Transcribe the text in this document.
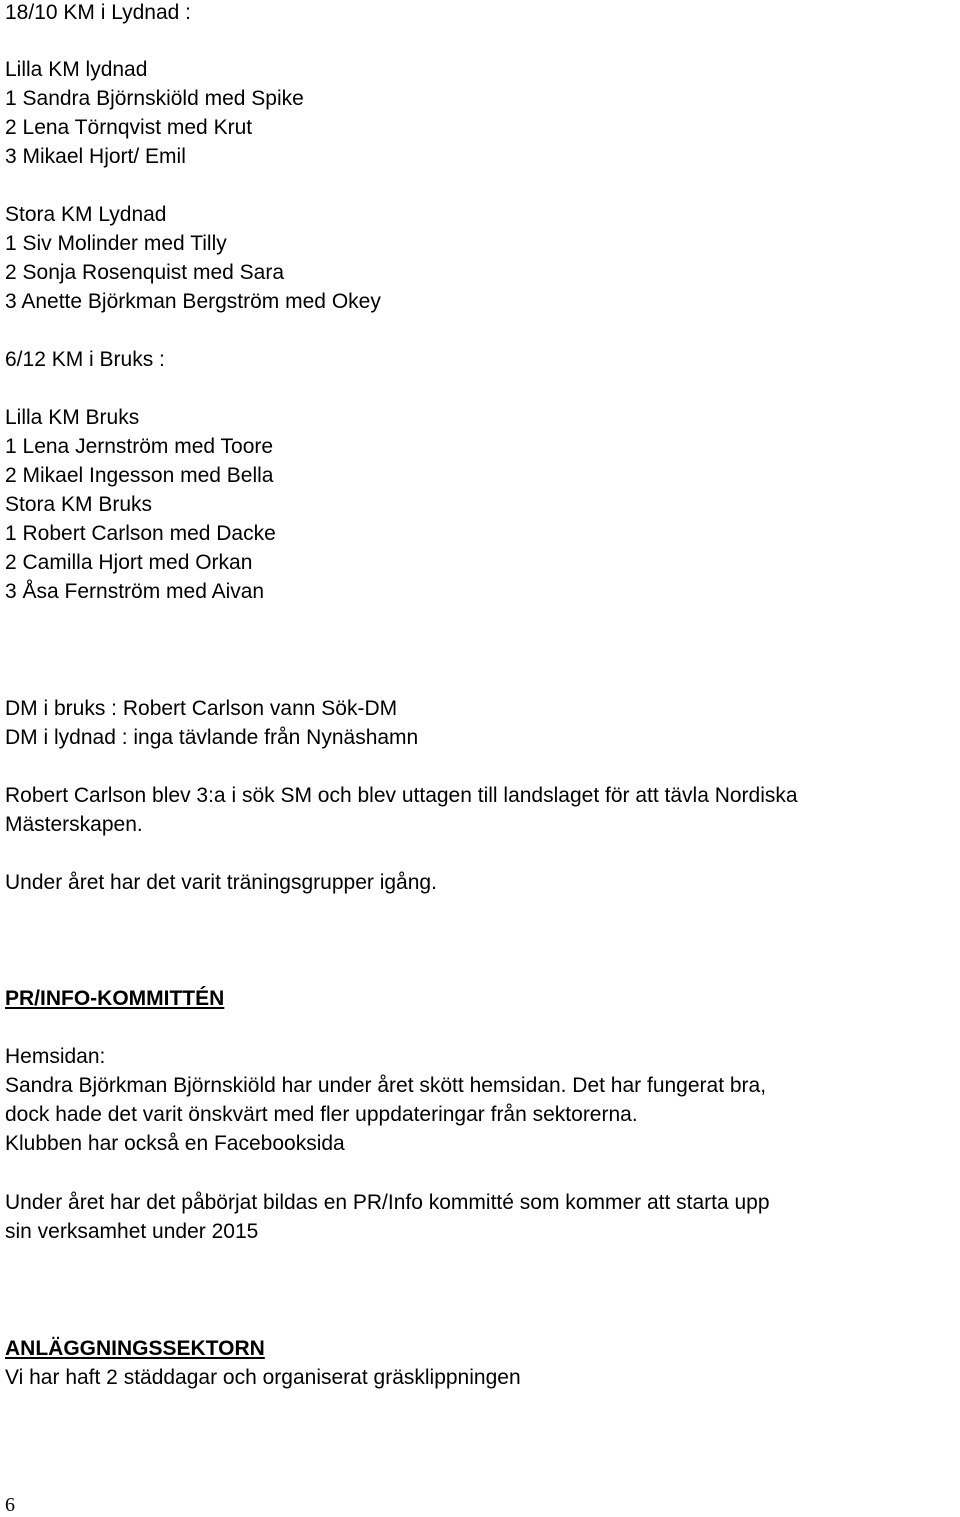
18/10 KM i Lydnad :
Lilla KM lydnad
1 Sandra Björnskiöld med Spike
2 Lena Törnqvist med Krut
3 Mikael Hjort/ Emil
Stora KM Lydnad
1 Siv Molinder med Tilly
2 Sonja Rosenquist med Sara
3 Anette Björkman Bergström med Okey
6/12 KM i Bruks :
Lilla KM Bruks
1 Lena Jernström med Toore
2 Mikael Ingesson med Bella
Stora KM Bruks
1 Robert Carlson med Dacke
2 Camilla Hjort med Orkan
3 Åsa Fernström med Aivan
DM i bruks : Robert Carlson vann Sök-DM
DM i lydnad : inga tävlande från Nynäshamn
Robert Carlson blev 3:a i sök SM och blev uttagen till landslaget för att tävla Nordiska
Mästerskapen.
Under året har det varit träningsgrupper igång.
PR/INFO-KOMMITTÉN
Hemsidan:
Sandra Björkman Björnskiöld har under året skött hemsidan. Det har fungerat bra,
dock hade det varit önskvärt med fler uppdateringar från sektorerna.
Klubben har också en Facebooksida
Under året har det påbörjat bildas en PR/Info kommitté som kommer att starta upp
sin verksamhet under 2015
ANLÄGGNINGSSEKTORN
Vi har haft 2 städdagar och organiserat gräsklippningen
6
